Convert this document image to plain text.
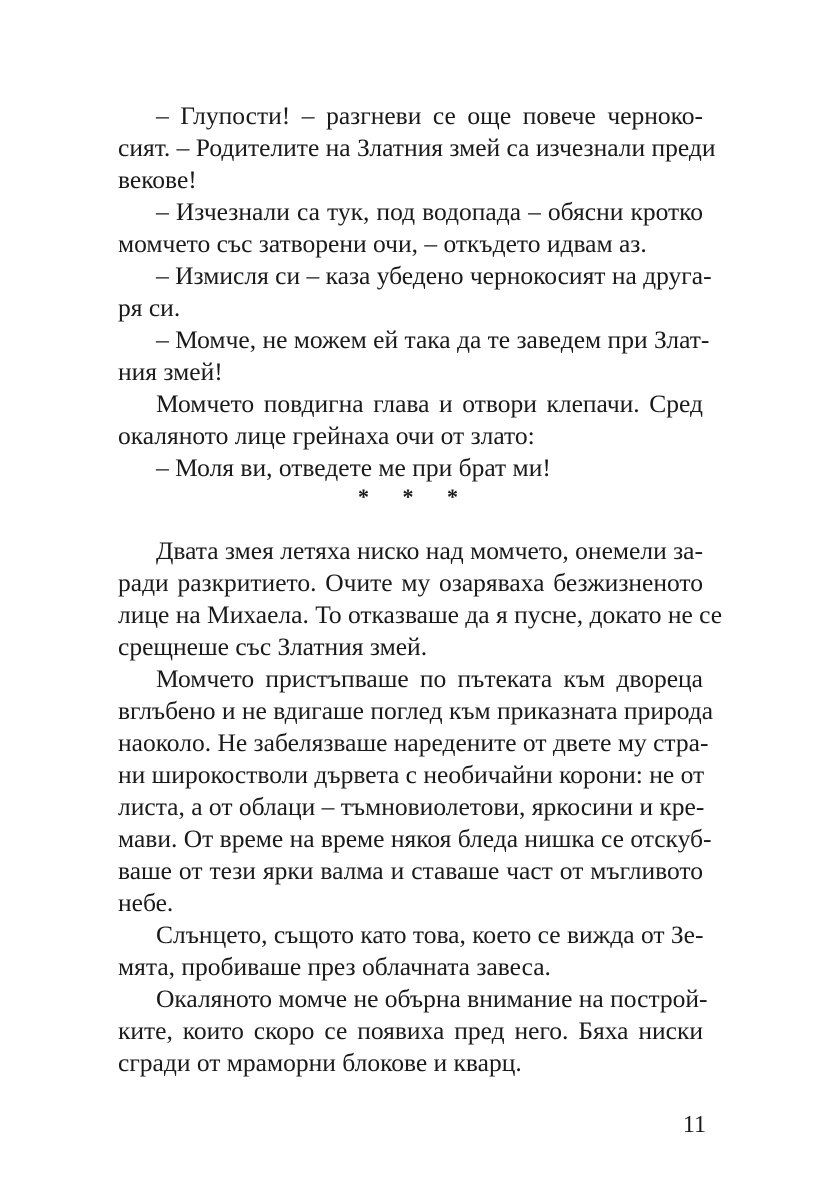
– Глупости! – разгневи се още повече черноко-
сият. – Родителите на Златния змей са изчезнали преди
векове!
– Изчезнали са тук, под водопада – обясни кротко
момчето със затворени очи, – откъдето идвам аз.
– Измисля си – каза убедено чернокосият на друга-
ря си.
– Момче, не можем ей така да те заведем при Злат-
ния змей!
Момчето повдигна глава и отвори клепачи. Сред
окаляното лице грейнаха очи от злато:
– Моля ви, отведете ме при брат ми!
* * *
Двата змея летяха ниско над момчето, онемели за-
ради разкритието. Очите му озаряваха безжизненото
лице на Михаела. То отказваше да я пусне, докато не се
срещнеше със Златния змей.
Момчето пристъпваше по пътеката към двореца
вглъбено и не вдигаше поглед към приказната природа
наоколо. Не забелязваше наредените от двете му стра-
ни широкостволи дървета с необичайни корони: не от
листа, а от облаци – тъмновиолетови, яркосини и кре-
мави. От време на време някоя бледа нишка се отскуб-
ваше от тези ярки валма и ставаше част от мъгливото
небе.
Слънцето, същото като това, което се вижда от Зе-
мята, пробиваше през облачната завеса.
Окаляното момче не обърна внимание на построй-
ките, които скоро се появиха пред него. Бяха ниски
сгради от мраморни блокове и кварц.
11
